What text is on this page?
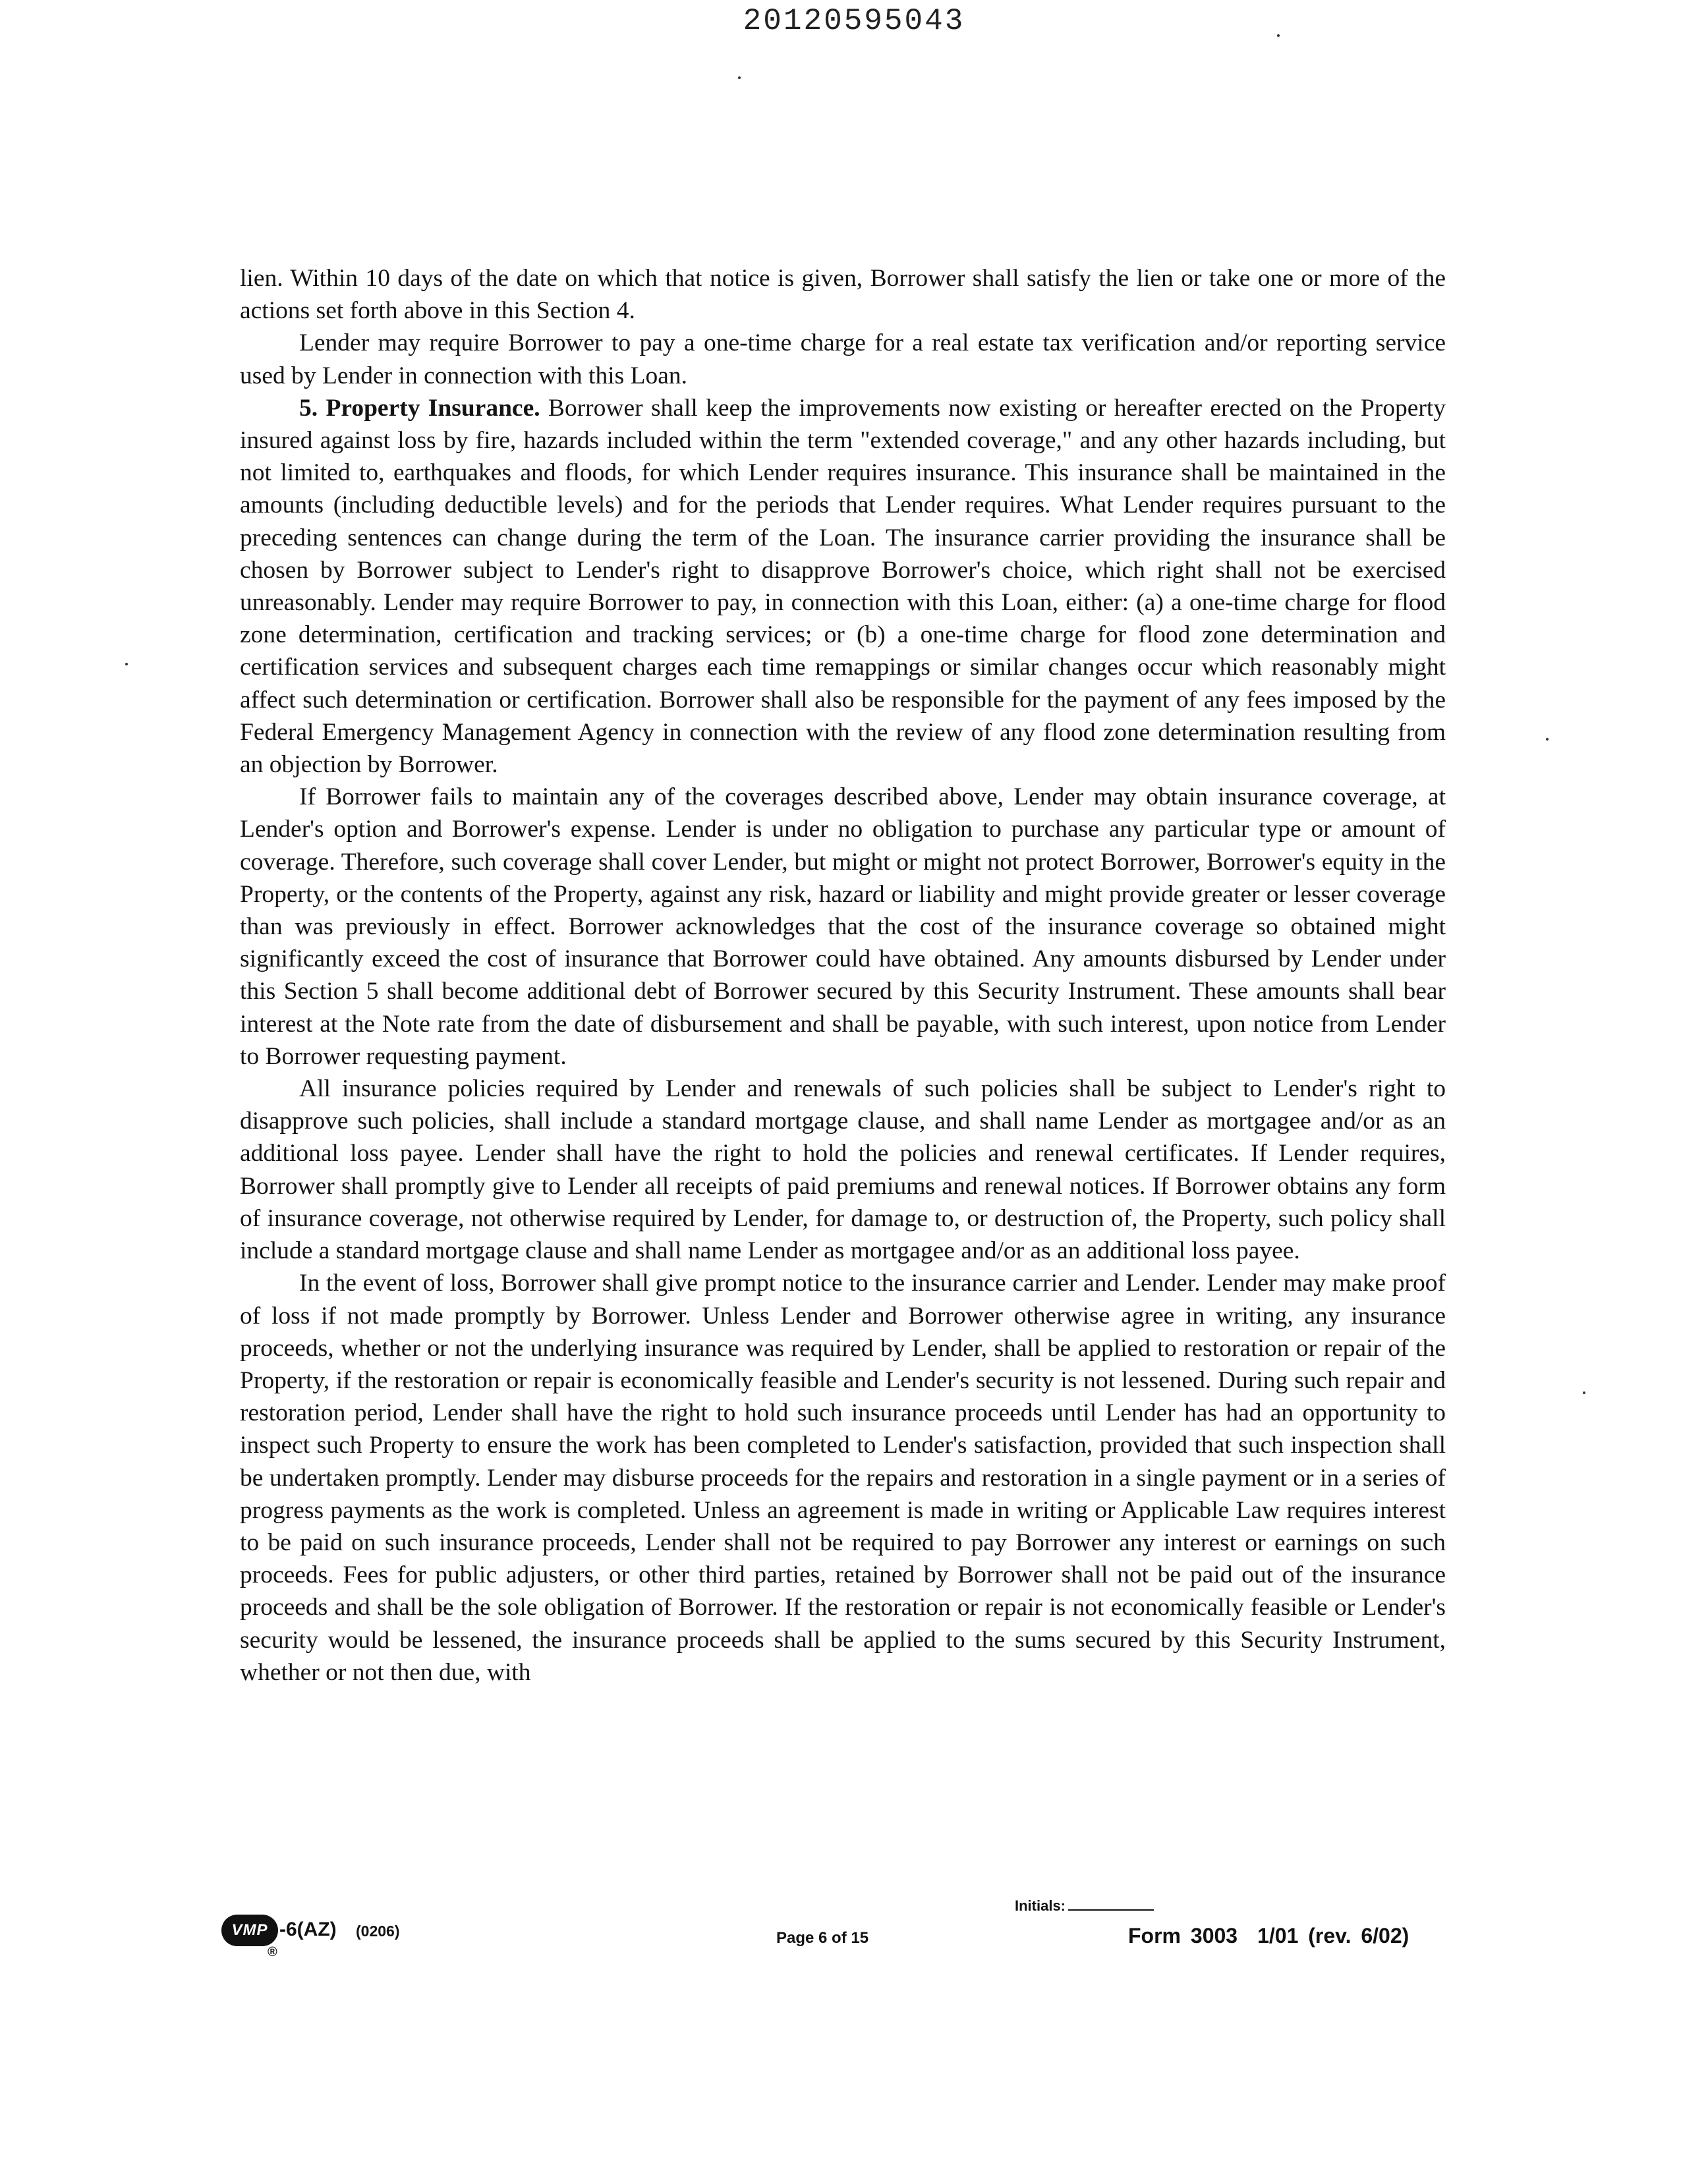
20120595043

lien. Within 10 days of the date on which that notice is given, Borrower shall satisfy the lien or take one or more of the actions set forth above in this Section 4.

Lender may require Borrower to pay a one-time charge for a real estate tax verification and/or reporting service used by Lender in connection with this Loan.

5. Property Insurance. Borrower shall keep the improvements now existing or hereafter erected on the Property insured against loss by fire, hazards included within the term "extended coverage," and any other hazards including, but not limited to, earthquakes and floods, for which Lender requires insurance. This insurance shall be maintained in the amounts (including deductible levels) and for the periods that Lender requires. What Lender requires pursuant to the preceding sentences can change during the term of the Loan. The insurance carrier providing the insurance shall be chosen by Borrower subject to Lender's right to disapprove Borrower's choice, which right shall not be exercised unreasonably. Lender may require Borrower to pay, in connection with this Loan, either: (a) a one-time charge for flood zone determination, certification and tracking services; or (b) a one-time charge for flood zone determination and certification services and subsequent charges each time remappings or similar changes occur which reasonably might affect such determination or certification. Borrower shall also be responsible for the payment of any fees imposed by the Federal Emergency Management Agency in connection with the review of any flood zone determination resulting from an objection by Borrower.

If Borrower fails to maintain any of the coverages described above, Lender may obtain insurance coverage, at Lender's option and Borrower's expense. Lender is under no obligation to purchase any particular type or amount of coverage. Therefore, such coverage shall cover Lender, but might or might not protect Borrower, Borrower's equity in the Property, or the contents of the Property, against any risk, hazard or liability and might provide greater or lesser coverage than was previously in effect. Borrower acknowledges that the cost of the insurance coverage so obtained might significantly exceed the cost of insurance that Borrower could have obtained. Any amounts disbursed by Lender under this Section 5 shall become additional debt of Borrower secured by this Security Instrument. These amounts shall bear interest at the Note rate from the date of disbursement and shall be payable, with such interest, upon notice from Lender to Borrower requesting payment.

All insurance policies required by Lender and renewals of such policies shall be subject to Lender's right to disapprove such policies, shall include a standard mortgage clause, and shall name Lender as mortgagee and/or as an additional loss payee. Lender shall have the right to hold the policies and renewal certificates. If Lender requires, Borrower shall promptly give to Lender all receipts of paid premiums and renewal notices. If Borrower obtains any form of insurance coverage, not otherwise required by Lender, for damage to, or destruction of, the Property, such policy shall include a standard mortgage clause and shall name Lender as mortgagee and/or as an additional loss payee.

In the event of loss, Borrower shall give prompt notice to the insurance carrier and Lender. Lender may make proof of loss if not made promptly by Borrower. Unless Lender and Borrower otherwise agree in writing, any insurance proceeds, whether or not the underlying insurance was required by Lender, shall be applied to restoration or repair of the Property, if the restoration or repair is economically feasible and Lender's security is not lessened. During such repair and restoration period, Lender shall have the right to hold such insurance proceeds until Lender has had an opportunity to inspect such Property to ensure the work has been completed to Lender's satisfaction, provided that such inspection shall be undertaken promptly. Lender may disburse proceeds for the repairs and restoration in a single payment or in a series of progress payments as the work is completed. Unless an agreement is made in writing or Applicable Law requires interest to be paid on such insurance proceeds, Lender shall not be required to pay Borrower any interest or earnings on such proceeds. Fees for public adjusters, or other third parties, retained by Borrower shall not be paid out of the insurance proceeds and shall be the sole obligation of Borrower. If the restoration or repair is not economically feasible or Lender's security would be lessened, the insurance proceeds shall be applied to the sums secured by this Security Instrument, whether or not then due, with

VMP
®
-6(AZ) (0206)	Page 6 of 15
Initials:
Form 3003 1/01 (rev. 6/02)
